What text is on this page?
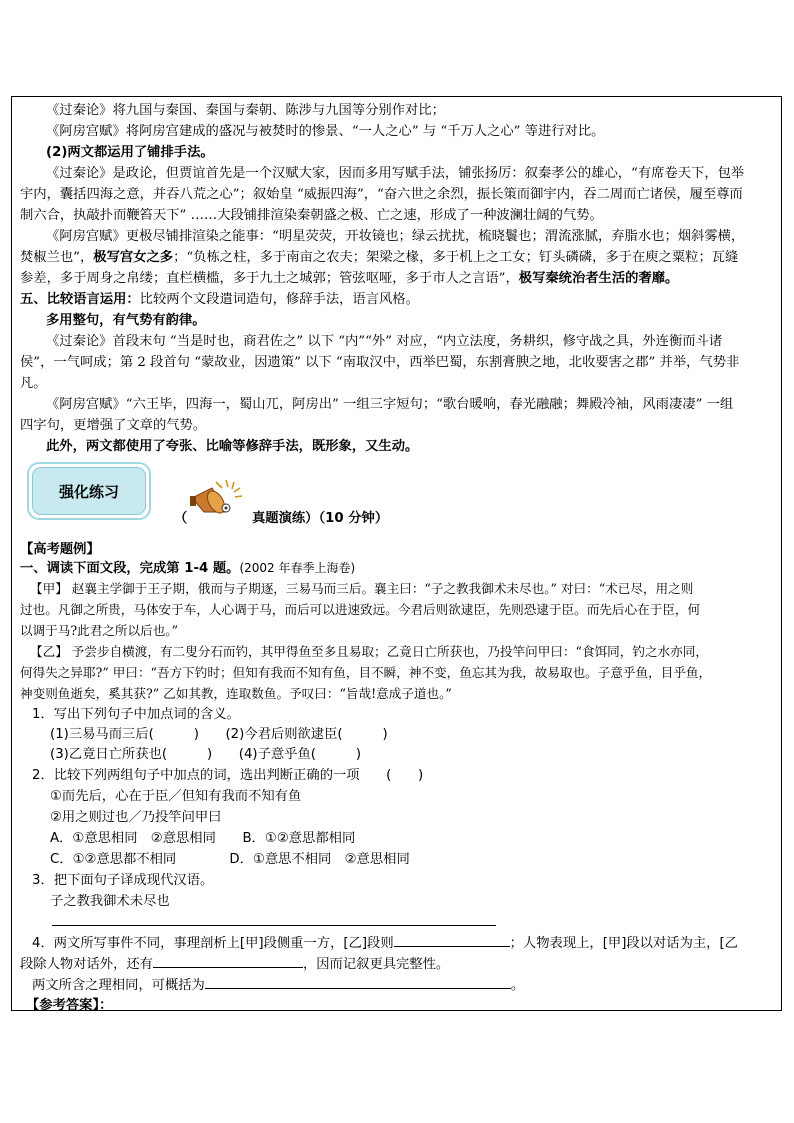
《过秦论》将九国与秦国、秦国与秦朝、陈涉与九国等分别作对比；
《阿房宫赋》将阿房宫建成的盛况与被焚时的惨景、“一人之心” 与 “千万人之心” 等进行对比。
(2)两文都运用了铺排手法。
《过秦论》是政论，但贾谊首先是一个汉赋大家，因而多用写赋手法，铺张扬厉：叙秦孝公的雄心，“有席卷天下，包举
宇内，囊括四海之意，并吞八荒之心”；叙始皇 “威振四海”，“奋六世之余烈，振长策而御宇内，吞二周而亡诸侯，履至尊而
制六合，执敲扑而鞭笞天下” ……大段铺排渲染秦朝盛之极、亡之速，形成了一种波澜壮阔的气势。
《阿房宫赋》更极尽铺排渲染之能事：“明星荧荧，开妆镜也；绿云扰扰，梳晓鬟也；渭流涨腻，弃脂水也；烟斜雾横，
焚椒兰也”，极写宫女之多；“负栋之柱，多于南亩之农夫；架梁之椽，多于机上之工女；钉头磷磷，多于在庾之粟粒；瓦缝
参差，多于周身之帛缕；直栏横槛，多于九土之城郭；管弦呕哑，多于市人之言语”，极写秦统治者生活的奢靡。
五、比较语言运用：比较两个文段遣词造句，修辞手法，语言风格。
多用整句，有气势有韵律。
《过秦论》首段末句 “当是时也，商君佐之” 以下 “内”“外” 对应，“内立法度，务耕织，修守战之具，外连衡而斗诸
侯”，一气呵成；第 2 段首句 “蒙故业，因遗策” 以下 “南取汉中，西举巴蜀，东割膏腴之地，北收要害之郡” 并举，气势非
凡。
《阿房宫赋》“六王毕，四海一，蜀山兀，阿房出” 一组三字短句；“歌台暖响，春光融融；舞殿冷袖，风雨凄凄” 一组
四字句，更增强了文章的气势。
此外，两文都使用了夸张、比喻等修辞手法，既形象，又生动。
强化练习
（	真题演练）（10 分钟）
【高考题例】
一、调读下面文段，完成第 1-4 题。(2002 年春季上海卷)
【甲】 赵襄主学御于王子期，俄而与子期逐，三易马而三后。襄主曰：“子之教我御术未尽也。” 对曰：“术已尽，用之则
过也。凡御之所贵，马体安于车，人心调于马，而后可以进速致远。今君后则欲逮臣，先则恐逮于臣。而先后心在于臣，何
以调于马?此君之所以后也。”
【乙】 予尝步自横渡，有二叟分石而钓，其甲得鱼至多且易取；乙竟日亡所获也，乃投竿问甲曰：“食饵同，钓之水亦同，
何得失之异耶?” 甲曰：“吾方下钓时；但知有我而不知有鱼，目不瞬，神不变，鱼忘其为我，故易取也。子意乎鱼，目乎鱼，
神变则鱼逝矣，奚其获?” 乙如其教，连取数鱼。予叹曰：“旨哉!意成子道也。”
1．写出下列句子中加点词的含义。
(1)三易马而三后(　　　)　　(2)今君后则欲逮臣(　　　)
(3)乙竟日亡所获也(　　　)　　(4)子意乎鱼(　　　)
2．比较下列两组句子中加点的词，选出判断正确的一项　　(　　)
①而先后，心在于臣／但知有我而不知有鱼
②用之则过也／乃投竿问甲曰
A．①意思相同　②意思相同　　B．①②意思都相同
C．①②意思都不相同　　　　D．①意思不相同　②意思相同
3．把下面句子译成现代汉语。
子之教我御术未尽也
4．两文所写事件不同，事理剖析上[甲]段侧重一方，[乙]段则	；人物表现上，[甲]段以对话为主，[乙
段除人物对话外，还有	，因而记叙更具完整性。
两文所含之理相同，可概括为	。
【参考答案】：
